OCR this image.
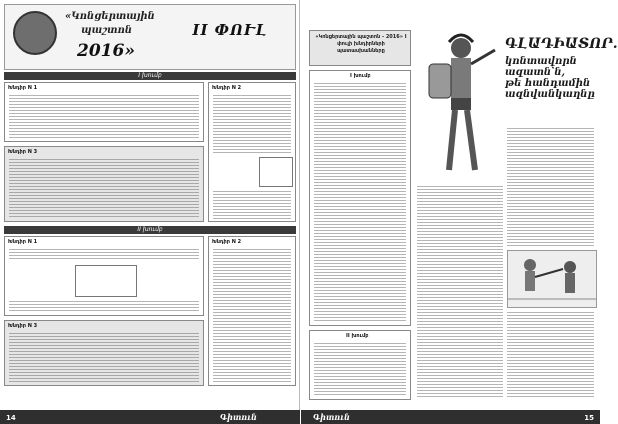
«Կոնցերտային
պաշտոն
2016»
II ՓՈՒԼ
I խումբ
Խնդիր N 1	Խնդիր N 2
Խնդիր N 3
II խումբ
Խնդիր N 1	Խնդիր N 2
Խնդիր N 3
14	Գիտուն
«Կոնցերտային պաշտոն - 2016» I փուլի խնդիրների պատասխանները
I խումբ
II խումբ
ԳԼԱԴԻԱՏՈՐ.
կոնտավորն
ազատն՝ն,
թե հանդամին
ազնվանկաղնը
Գիտուն	15
